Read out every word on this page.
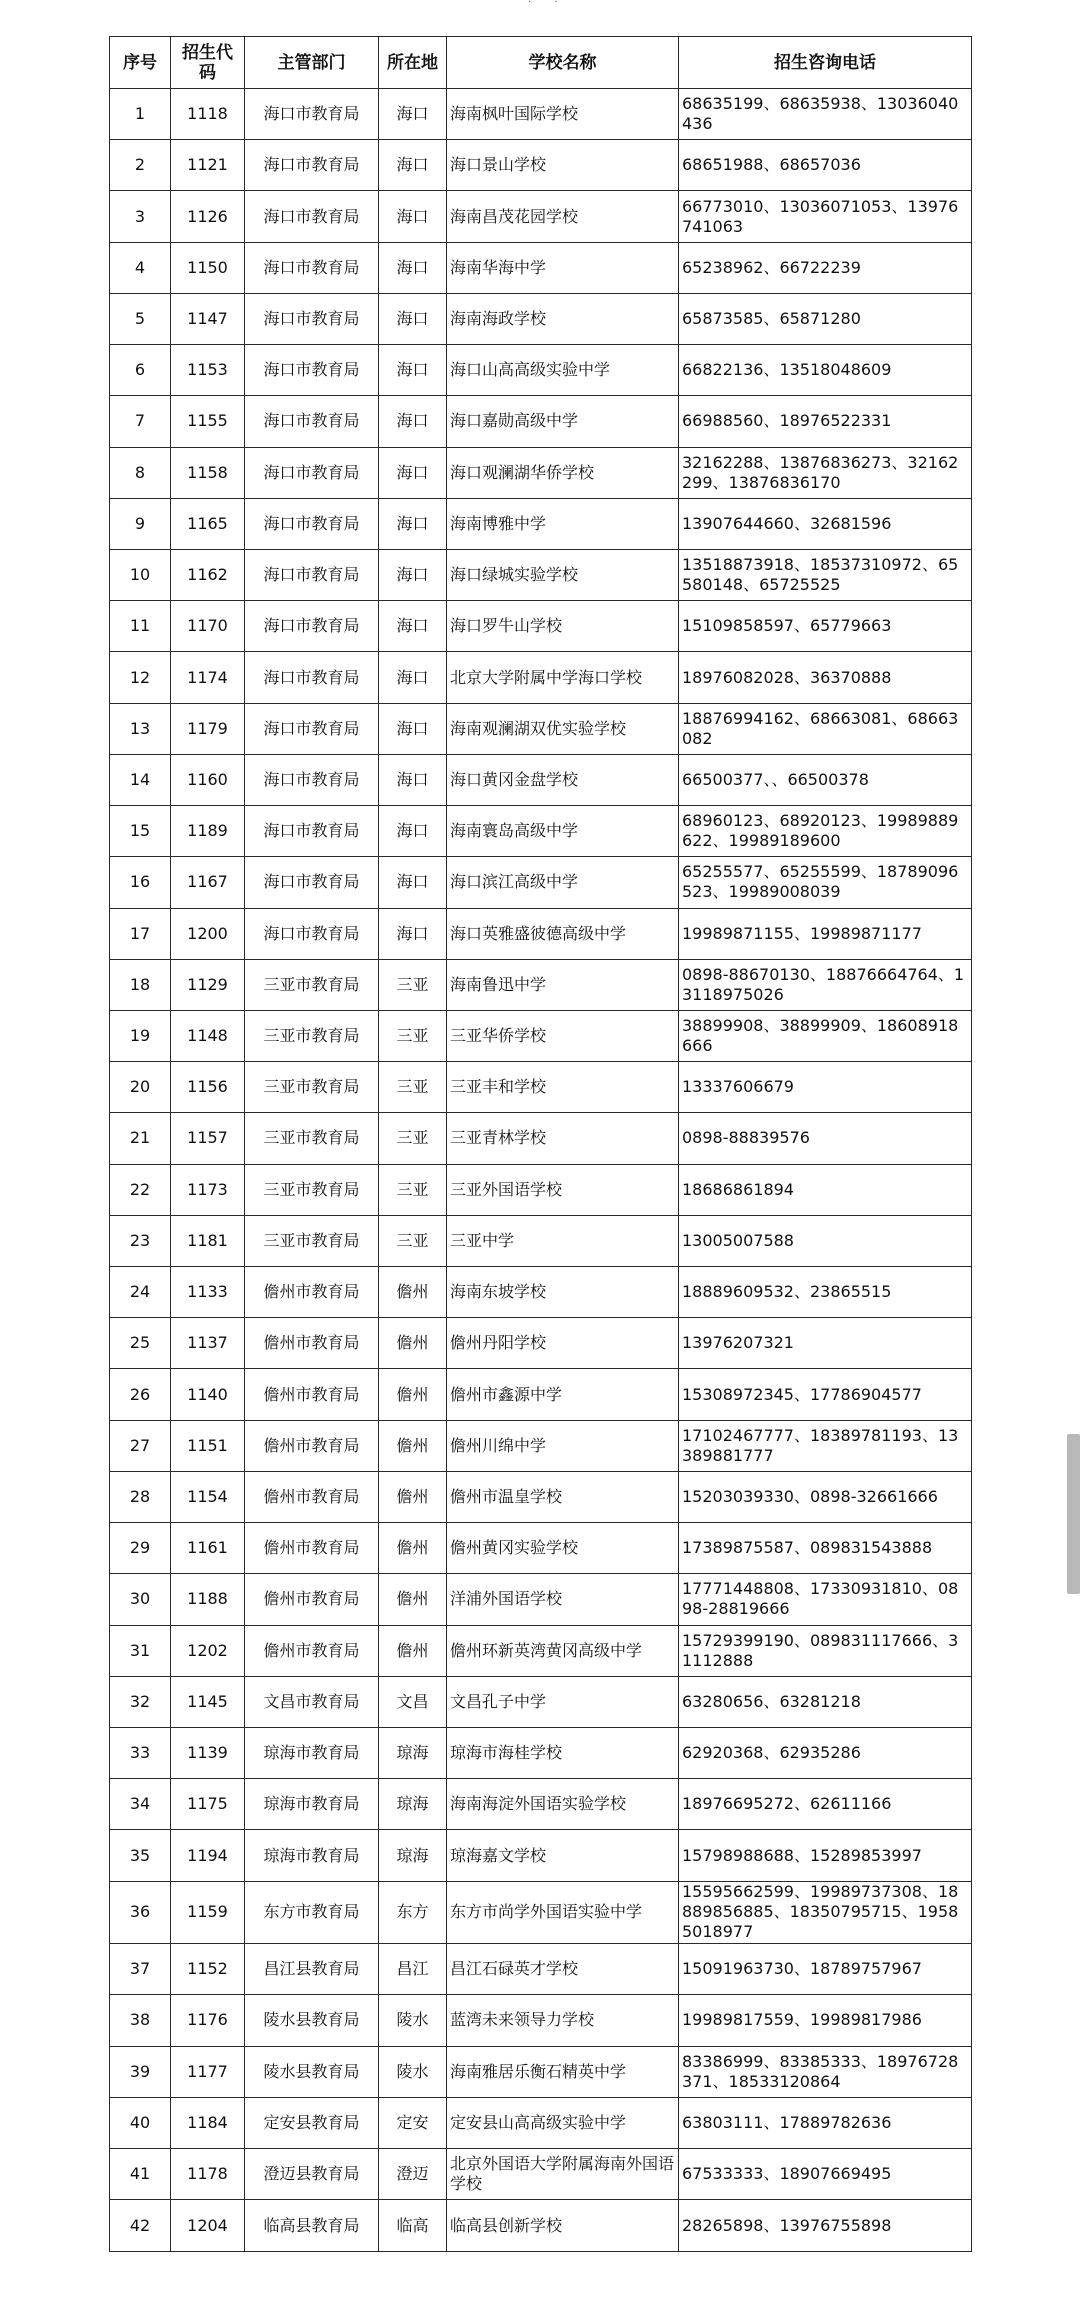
· ·
序号	招生代码	主管部门	所在地	学校名称	招生咨询电话
1	1118	海口市教育局	海口	海南枫叶国际学校	68635199、68635938、13036040436
2	1121	海口市教育局	海口	海口景山学校	68651988、68657036
3	1126	海口市教育局	海口	海南昌茂花园学校	66773010、13036071053、13976741063
4	1150	海口市教育局	海口	海南华海中学	65238962、66722239
5	1147	海口市教育局	海口	海南海政学校	65873585、65871280
6	1153	海口市教育局	海口	海口山高高级实验中学	66822136、13518048609
7	1155	海口市教育局	海口	海口嘉勋高级中学	66988560、18976522331
8	1158	海口市教育局	海口	海口观澜湖华侨学校	32162288、13876836273、32162299、13876836170
9	1165	海口市教育局	海口	海南博雅中学	13907644660、32681596
10	1162	海口市教育局	海口	海口绿城实验学校	13518873918、18537310972、65580148、65725525
11	1170	海口市教育局	海口	海口罗牛山学校	15109858597、65779663
12	1174	海口市教育局	海口	北京大学附属中学海口学校	18976082028、36370888
13	1179	海口市教育局	海口	海南观澜湖双优实验学校	18876994162、68663081、68663082
14	1160	海口市教育局	海口	海口黄冈金盘学校	66500377、、66500378
15	1189	海口市教育局	海口	海南寰岛高级中学	68960123、68920123、19989889622、19989189600
16	1167	海口市教育局	海口	海口滨江高级中学	65255577、65255599、18789096523、19989008039
17	1200	海口市教育局	海口	海口英雅盛彼德高级中学	19989871155、19989871177
18	1129	三亚市教育局	三亚	海南鲁迅中学	0898-88670130、18876664764、13118975026
19	1148	三亚市教育局	三亚	三亚华侨学校	38899908、38899909、18608918666
20	1156	三亚市教育局	三亚	三亚丰和学校	13337606679
21	1157	三亚市教育局	三亚	三亚青林学校	0898-88839576
22	1173	三亚市教育局	三亚	三亚外国语学校	18686861894
23	1181	三亚市教育局	三亚	三亚中学	13005007588
24	1133	儋州市教育局	儋州	海南东坡学校	18889609532、23865515
25	1137	儋州市教育局	儋州	儋州丹阳学校	13976207321
26	1140	儋州市教育局	儋州	儋州市鑫源中学	15308972345、17786904577
27	1151	儋州市教育局	儋州	儋州川绵中学	17102467777、18389781193、13389881777
28	1154	儋州市教育局	儋州	儋州市温皇学校	15203039330、0898-32661666
29	1161	儋州市教育局	儋州	儋州黄冈实验学校	17389875587、089831543888
30	1188	儋州市教育局	儋州	洋浦外国语学校	17771448808、17330931810、0898-28819666
31	1202	儋州市教育局	儋州	儋州环新英湾黄冈高级中学	15729399190、089831117666、31112888
32	1145	文昌市教育局	文昌	文昌孔子中学	63280656、63281218
33	1139	琼海市教育局	琼海	琼海市海桂学校	62920368、62935286
34	1175	琼海市教育局	琼海	海南海淀外国语实验学校	18976695272、62611166
35	1194	琼海市教育局	琼海	琼海嘉文学校	15798988688、15289853997
36	1159	东方市教育局	东方	东方市尚学外国语实验中学	15595662599、19989737308、18889856885、18350795715、19585018977
37	1152	昌江县教育局	昌江	昌江石碌英才学校	15091963730、18789757967
38	1176	陵水县教育局	陵水	蓝湾未来领导力学校	19989817559、19989817986
39	1177	陵水县教育局	陵水	海南雅居乐衡石精英中学	83386999、83385333、18976728371、18533120864
40	1184	定安县教育局	定安	定安县山高高级实验中学	63803111、17889782636
41	1178	澄迈县教育局	澄迈	北京外国语大学附属海南外国语学校	67533333、18907669495
42	1204	临高县教育局	临高	临高县创新学校	28265898、13976755898
